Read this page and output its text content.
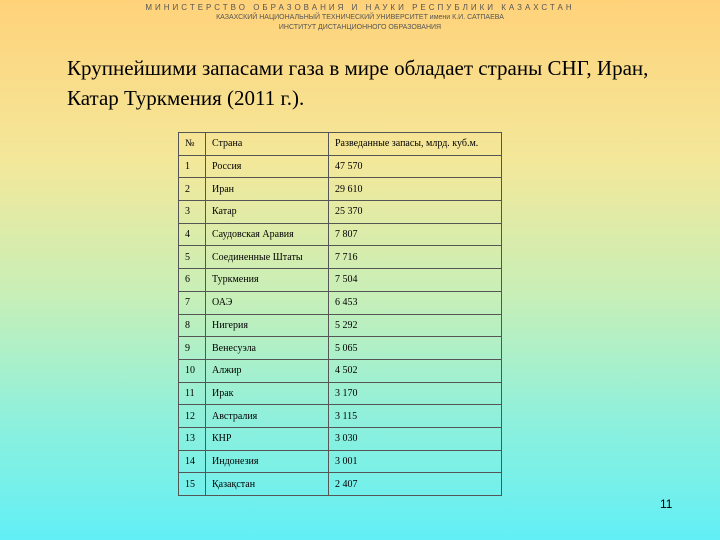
МИНИСТЕРСТВО ОБРАЗОВАНИЯ И НАУКИ РЕСПУБЛИКИ КАЗАХСТАН
КАЗАХСКИЙ НАЦИОНАЛЬНЫЙ ТЕХНИЧЕСКИЙ УНИВЕРСИТЕТ имени К.И. САТПАЕВА
ИНСТИТУТ ДИСТАНЦИОННОГО ОБРАЗОВАНИЯ
Крупнейшими запасами газа в мире обладает страны СНГ, Иран, Катар Туркмения (2011 г.).
№	Страна	Разведанные запасы, млрд. куб.м.
1	Россия	47 570
2	Иран	29 610
3	Катар	25 370
4	Саудовская Аравия	7 807
5	Соединенные Штаты	7 716
6	Туркмения	7 504
7	ОАЭ	6 453
8	Нигерия	5 292
9	Венесуэла	5 065
10	Алжир	4 502
11	Ирак	3 170
12	Австралия	3 115
13	КНР	3 030
14	Индонезия	3 001
15	Қазақстан	2 407
11
